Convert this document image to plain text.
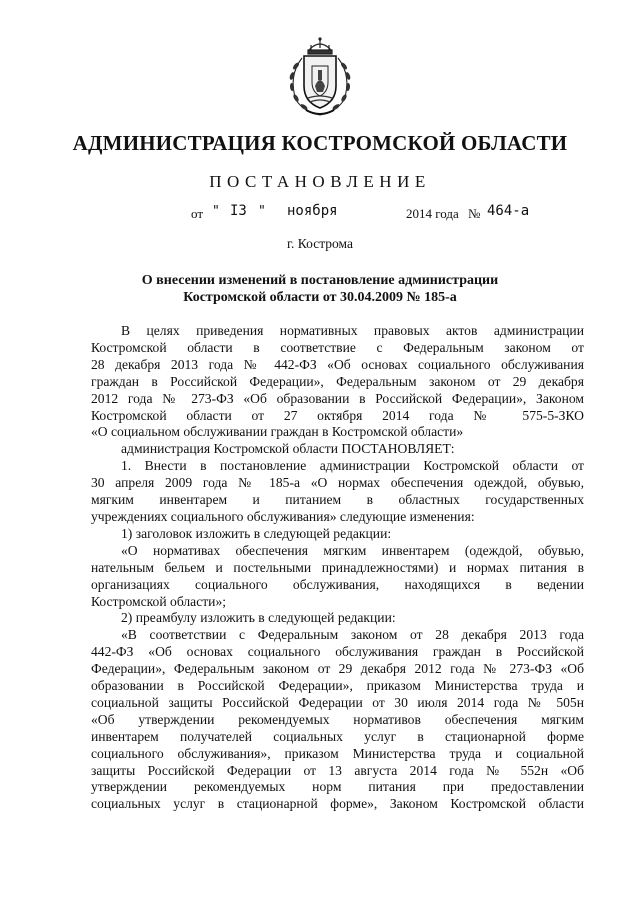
АДМИНИСТРАЦИЯ КОСТРОМСКОЙ ОБЛАСТИ
ПОСТАНОВЛЕНИЕ
от " I3 " ноября	2014 года № 464-а
г. Кострома
О внесении изменений в постановление администрации
Костромской области от 30.04.2009 № 185-а

В целях приведения нормативных правовых актов администрации

Костромской области в соответствие с Федеральным законом от

28 декабря 2013 года № 442-ФЗ «Об основах социального обслуживания

граждан в Российской Федерации», Федеральным законом от 29 декабря

2012 года № 273-ФЗ «Об образовании в Российской Федерации», Законом

Костромской области от 27 октября 2014 года № 575-5-ЗКО

«О социальном обслуживании граждан в Костромской области»

администрация Костромской области ПОСТАНОВЛЯЕТ:

1. Внести в постановление администрации Костромской области от

30 апреля 2009 года № 185-а «О нормах обеспечения одеждой, обувью,

мягким инвентарем и питанием в областных государственных

учреждениях социального обслуживания» следующие изменения:

1) заголовок изложить в следующей редакции:

«О нормативах обеспечения мягким инвентарем (одеждой, обувью,

нательным бельем и постельными принадлежностями) и нормах питания в

организациях социального обслуживания, находящихся в ведении

Костромской области»;

2) преамбулу изложить в следующей редакции:

«В соответствии с Федеральным законом от 28 декабря 2013 года

442-ФЗ «Об основах социального обслуживания граждан в Российской

Федерации», Федеральным законом от 29 декабря 2012 года № 273-ФЗ «Об

образовании в Российской Федерации», приказом Министерства труда и

социальной защиты Российской Федерации от 30 июля 2014 года № 505н

«Об утверждении рекомендуемых нормативов обеспечения мягким

инвентарем получателей социальных услуг в стационарной форме

социального обслуживания», приказом Министерства труда и социальной

защиты Российской Федерации от 13 августа 2014 года № 552н «Об

утверждении рекомендуемых норм питания при предоставлении

социальных услуг в стационарной форме», Законом Костромской области
